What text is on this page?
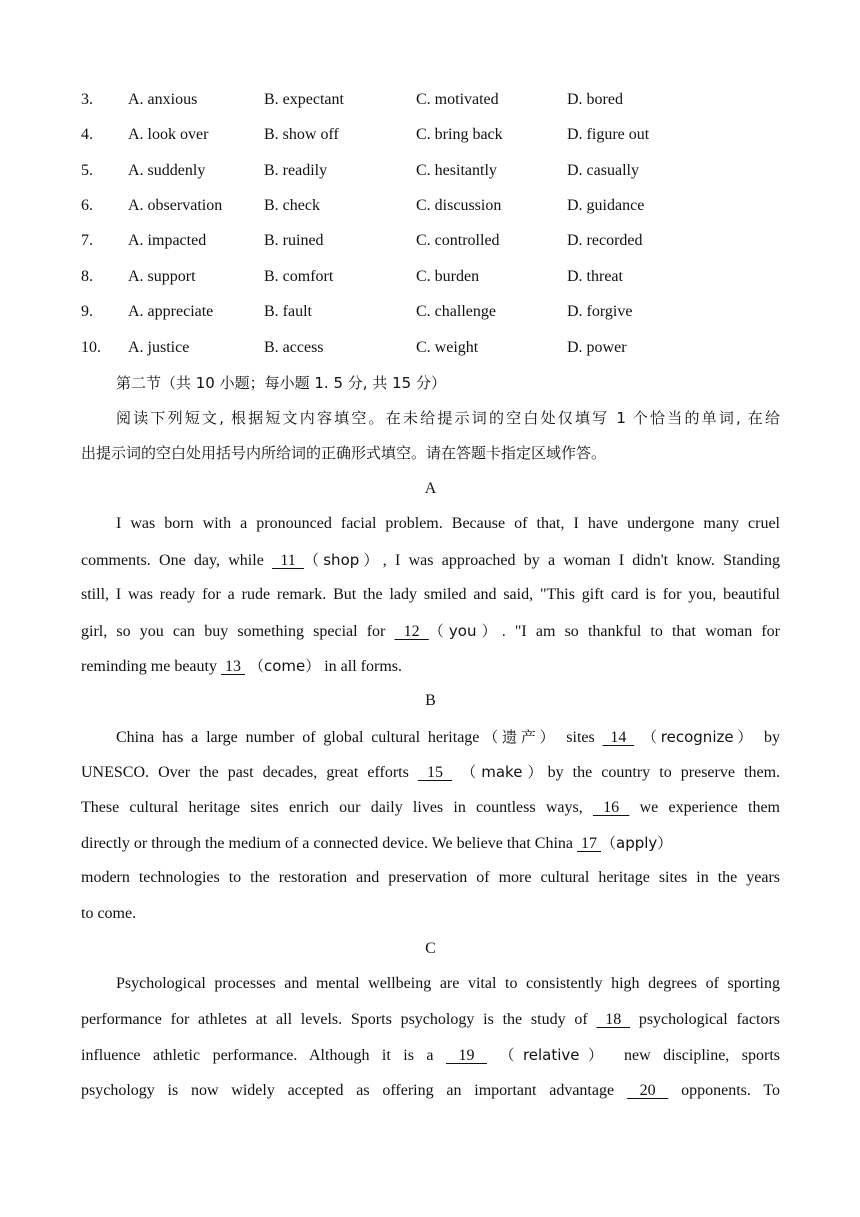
3. A. anxious	B. expectant	C. motivated	D. bored
4. A. look over	B. show off	C. bring back	D. figure out
5. A. suddenly	B. readily	C. hesitantly	D. casually
6. A. observation	B. check	C. discussion	D. guidance
7. A. impacted	B. ruined	C. controlled	D. recorded
8. A. support	B. comfort	C. burden	D. threat
9. A. appreciate	B. fault	C. challenge	D. forgive
10. A. justice	B. access	C. weight	D. power
第二节（共 10 小题；每小题 1. 5 分, 共 15 分）
阅读下列短文, 根据短文内容填空。在未给提示词的空白处仅填写 1 个恰当的单词, 在给
出提示词的空白处用括号内所给词的正确形式填空。请在答题卡指定区域作答。
A
I was born with a pronounced facial problem. Because of that, I have undergone many cruel
comments. One day, while  11 （shop）, I was approached by a woman I didn't know. Standing
still, I was ready for a rude remark. But the lady smiled and said, "This gift card is for you, beautiful
girl, so you can buy something special for  12 （you）. "I am so thankful to that woman for
reminding me beauty  13  （come） in all forms.
B
China has a large number of global cultural heritage（遗产） sites  14  （recognize） by
UNESCO. Over the past decades, great efforts  15  （make）by the country to preserve them.
These cultural heritage sites enrich our daily lives in countless ways,  16  we experience them
directly or through the medium of a connected device. We believe that China  17 （apply）
modern technologies to the restoration and preservation of more cultural heritage sites in the years
to come.
C
Psychological processes and mental wellbeing are vital to consistently high degrees of sporting
performance for athletes at all levels. Sports psychology is the study of  18  psychological factors
influence athletic performance. Although it is a  19  （relative） new discipline, sports
psychology is now widely accepted as offering an important advantage  20  opponents. To
